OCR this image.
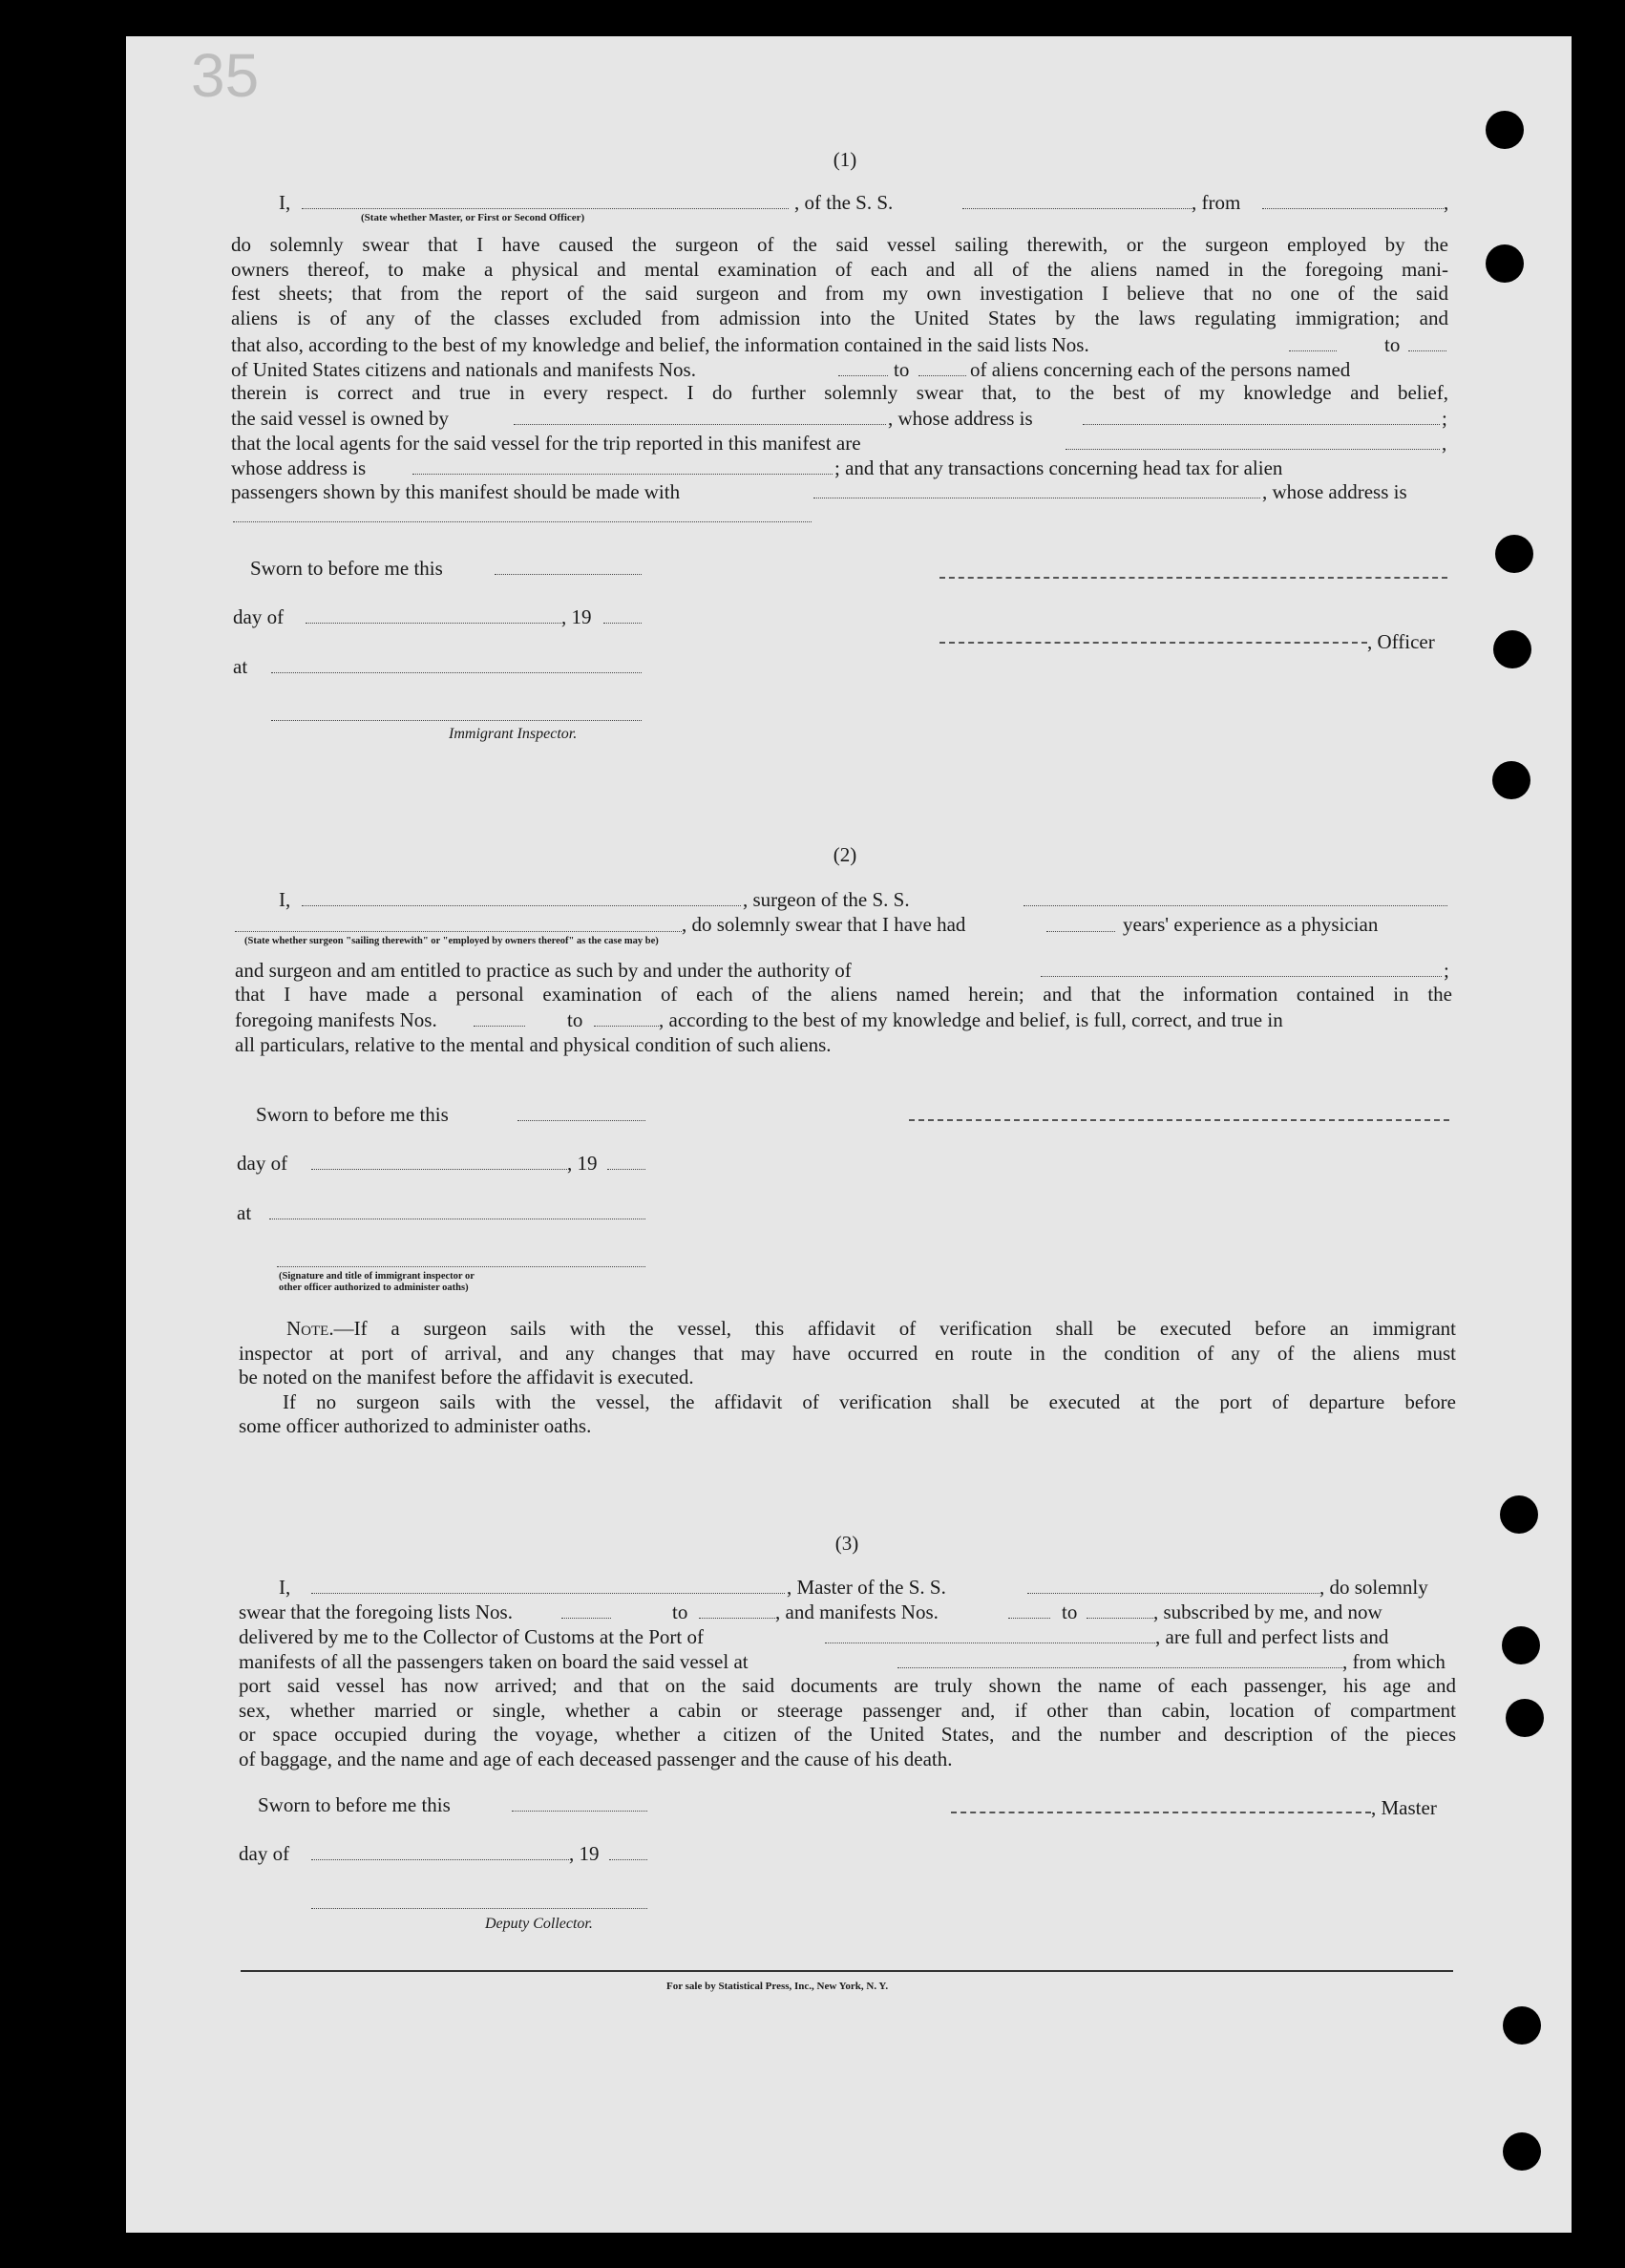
35
(1)
I,	, of the S. S.	, from	,
(State whether Master, or First or Second Officer)
do solemnly swear that I have caused the surgeon of the said vessel sailing therewith, or the surgeon employed by the
owners thereof, to make a physical and mental examination of each and all of the aliens named in the foregoing mani-
fest sheets; that from the report of the said surgeon and from my own investigation I believe that no one of the said
aliens is of any of the classes excluded from admission into the United States by the laws regulating immigration; and
that also, according to the best of my knowledge and belief, the information contained in the said lists Nos.	to
of United States citizens and nationals and manifests Nos.	to	of aliens concerning each of the persons named
therein is correct and true in every respect. I do further solemnly swear that, to the best of my knowledge and belief,
the said vessel is owned by	, whose address is	;
that the local agents for the said vessel for the trip reported in this manifest are	,
whose address is	; and that any transactions concerning head tax for alien
passengers shown by this manifest should be made with	, whose address is
Sworn to before me this
day of	, 19
, Officer
at
Immigrant Inspector.
(2)
I,	, surgeon of the S. S.
, do solemnly swear that I have had	years' experience as a physician
(State whether surgeon "sailing therewith" or "employed by owners thereof" as the case may be)
and surgeon and am entitled to practice as such by and under the authority of	;
that I have made a personal examination of each of the aliens named herein; and that the information contained in the
foregoing manifests Nos.	to	, according to the best of my knowledge and belief, is full, correct, and true in
all particulars, relative to the mental and physical condition of such aliens.
Sworn to before me this
day of	, 19
at
(Signature and title of immigrant inspector or
other officer authorized to administer oaths)
Note.—If a surgeon sails with the vessel, this affidavit of verification shall be executed before an immigrant
inspector at port of arrival, and any changes that may have occurred en route in the condition of any of the aliens must
be noted on the manifest before the affidavit is executed.
If no surgeon sails with the vessel, the affidavit of verification shall be executed at the port of departure before
some officer authorized to administer oaths.
(3)
I,	, Master of the S. S.	, do solemnly
swear that the foregoing lists Nos.	to	, and manifests Nos.	to	, subscribed by me, and now
delivered by me to the Collector of Customs at the Port of	, are full and perfect lists and
manifests of all the passengers taken on board the said vessel at	, from which
port said vessel has now arrived; and that on the said documents are truly shown the name of each passenger, his age and
sex, whether married or single, whether a cabin or steerage passenger and, if other than cabin, location of compartment
or space occupied during the voyage, whether a citizen of the United States, and the number and description of the pieces
of baggage, and the name and age of each deceased passenger and the cause of his death.
Sworn to before me this	, Master
day of	, 19
Deputy Collector.
For sale by Statistical Press, Inc., New York, N. Y.
